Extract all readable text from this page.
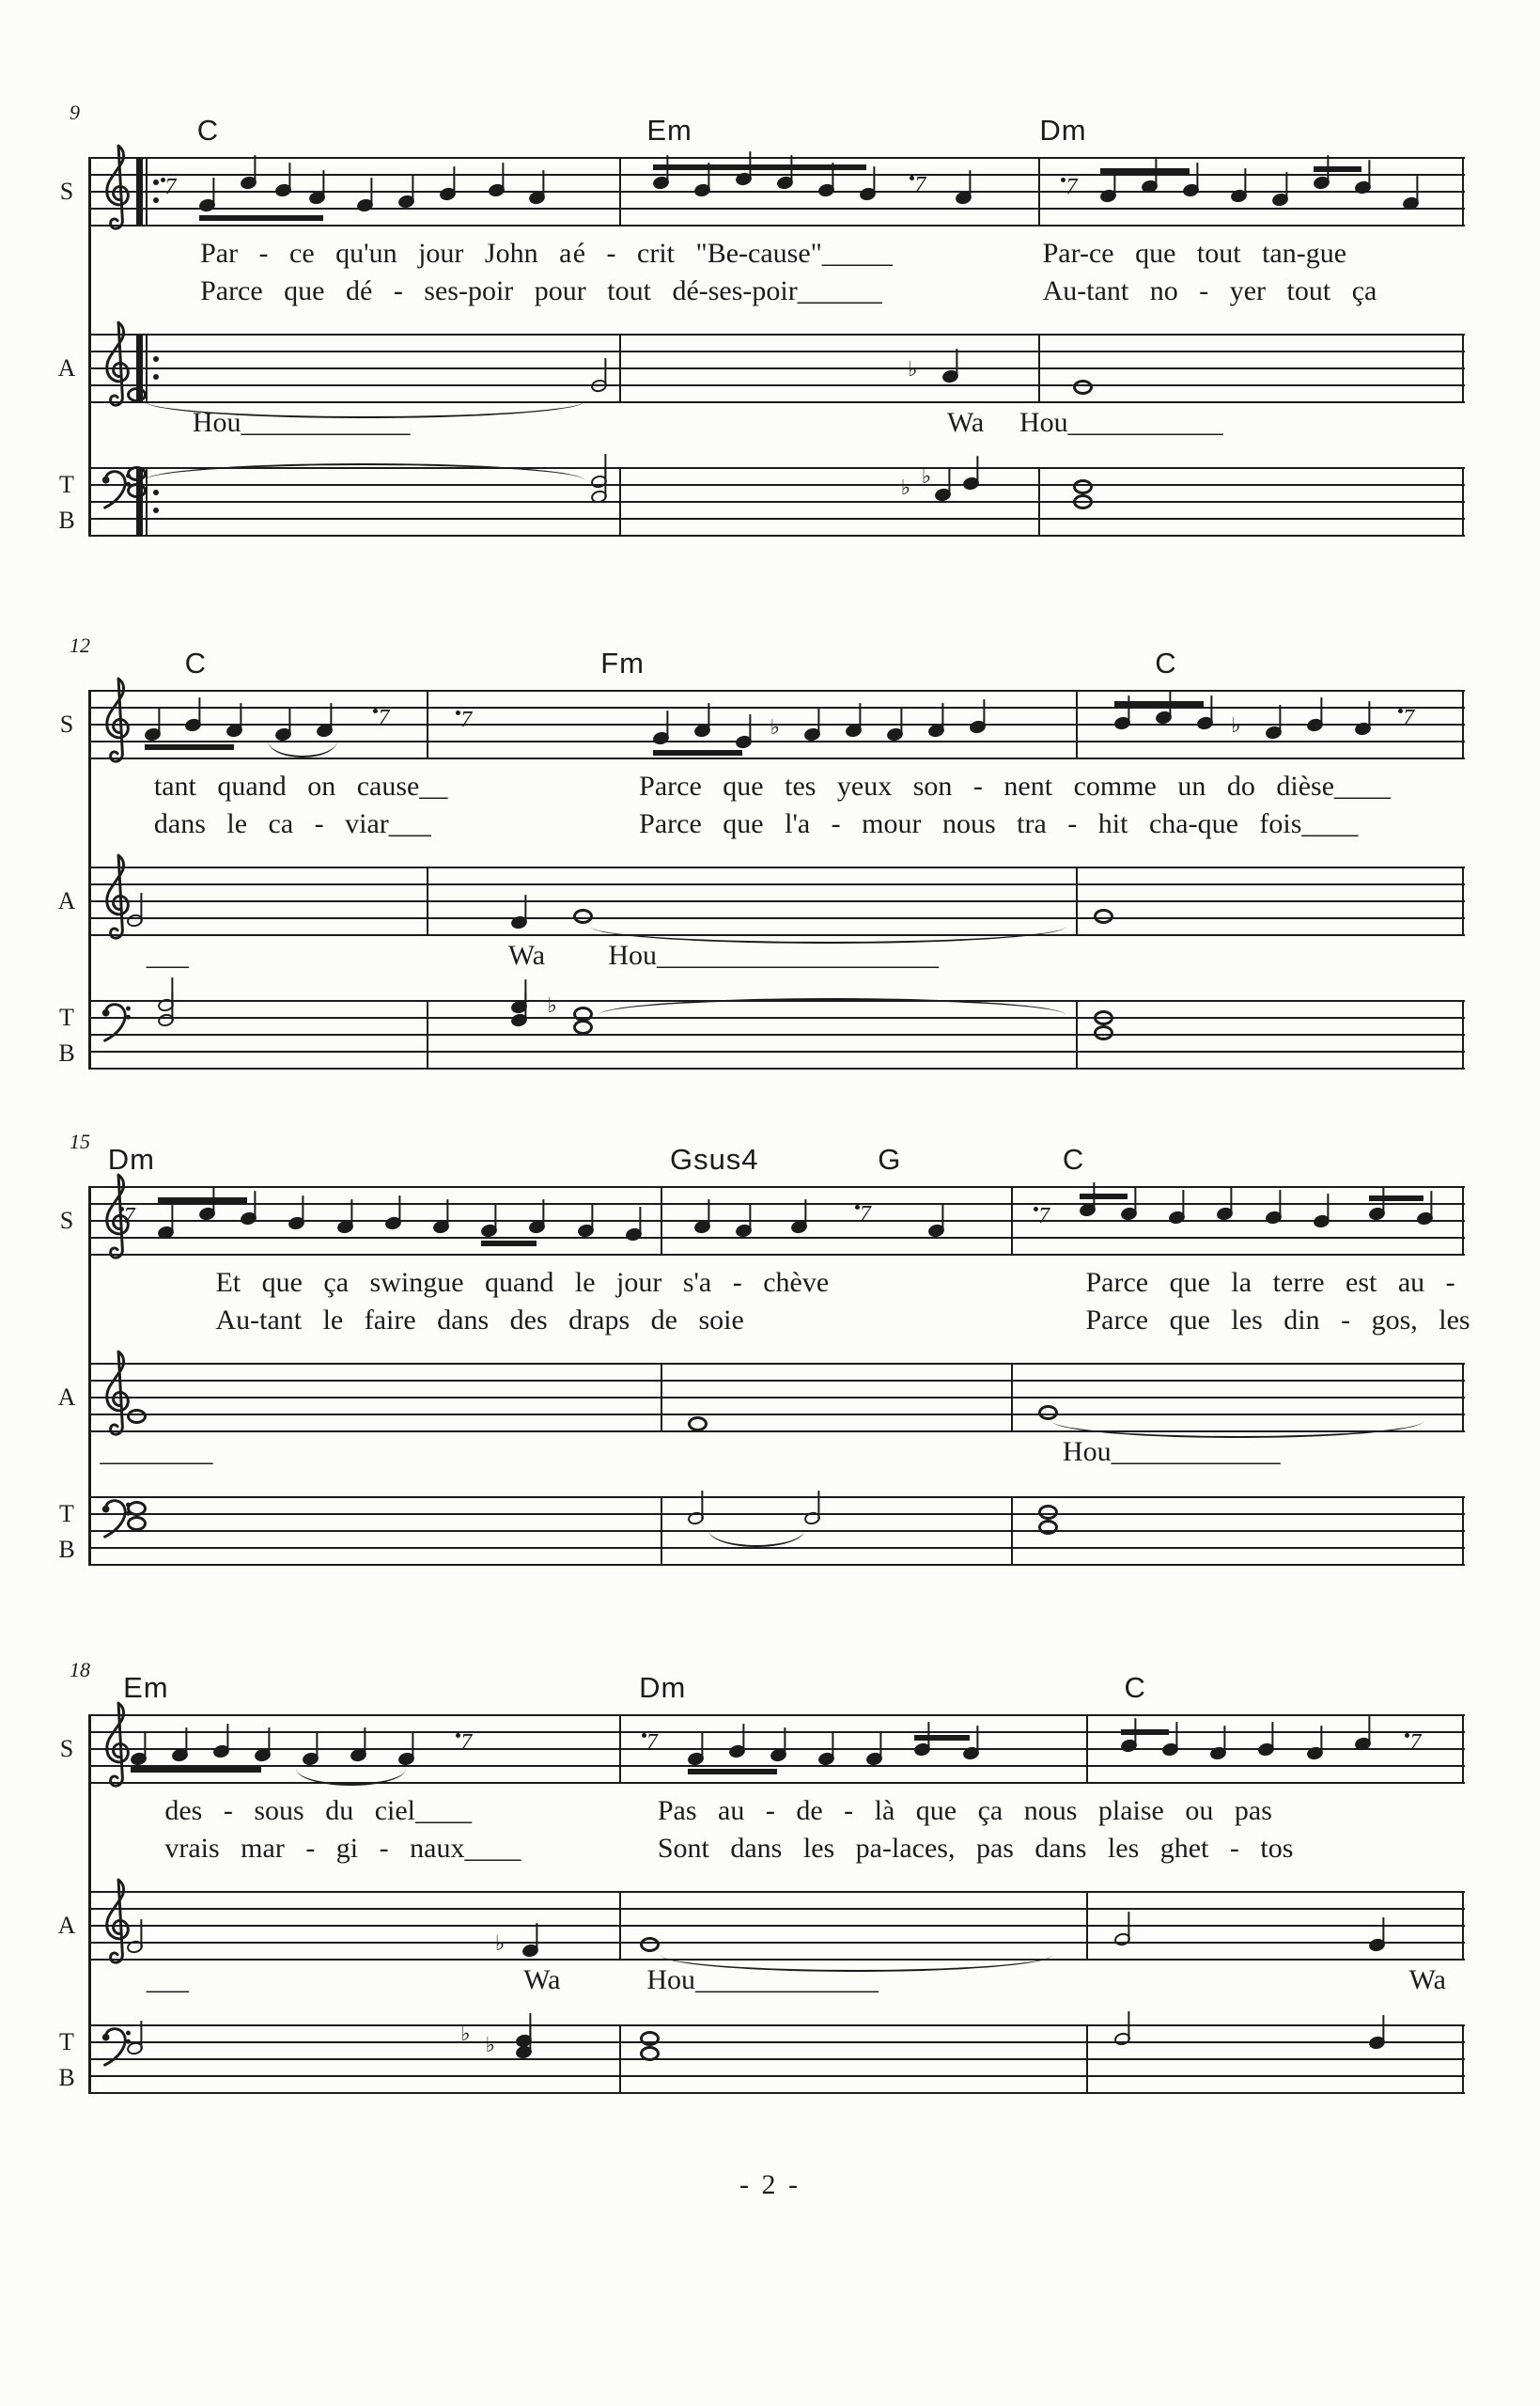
9
C	Em	Dm
S	7	7	7
Par - ce qu'un jour John a é - crit "Be-cause"_____	Par-ce que tout tan-gue
Parce que dé - ses-poir pour tout dé-ses-poir______	Au-tant no - yer tout ça
A	♭
Hou____________	Wa Hou___________
T
B
♭ ♭
12
C	Fm	C
S	7	7	♭	♭	7
tant quand on cause__	Parce que tes yeux son - nent comme un do dièse____
dans le ca - viar___	Parce que l'a - mour nous tra - hit cha-que fois____
A
___	Wa Hou____________________
T
B
♭
15
Dm	Gsus4	G	C
S	7	7	7
Et que ça swingue quand le jour s'a - chève	Parce que la terre est au -
Au-tant le faire dans des draps de soie	Parce que les din - gos, les
A
________	Hou____________
T
B
18
Em	Dm	C
S	7	7	7
des - sous du ciel____	Pas au - de - là que ça nous plaise ou pas
vrais mar - gi - naux____	Sont dans les pa-laces, pas dans les ghet - tos
A
♭
___	Wa	Hou_____________	Wa
T
B
♭ ♭
- 2 -
